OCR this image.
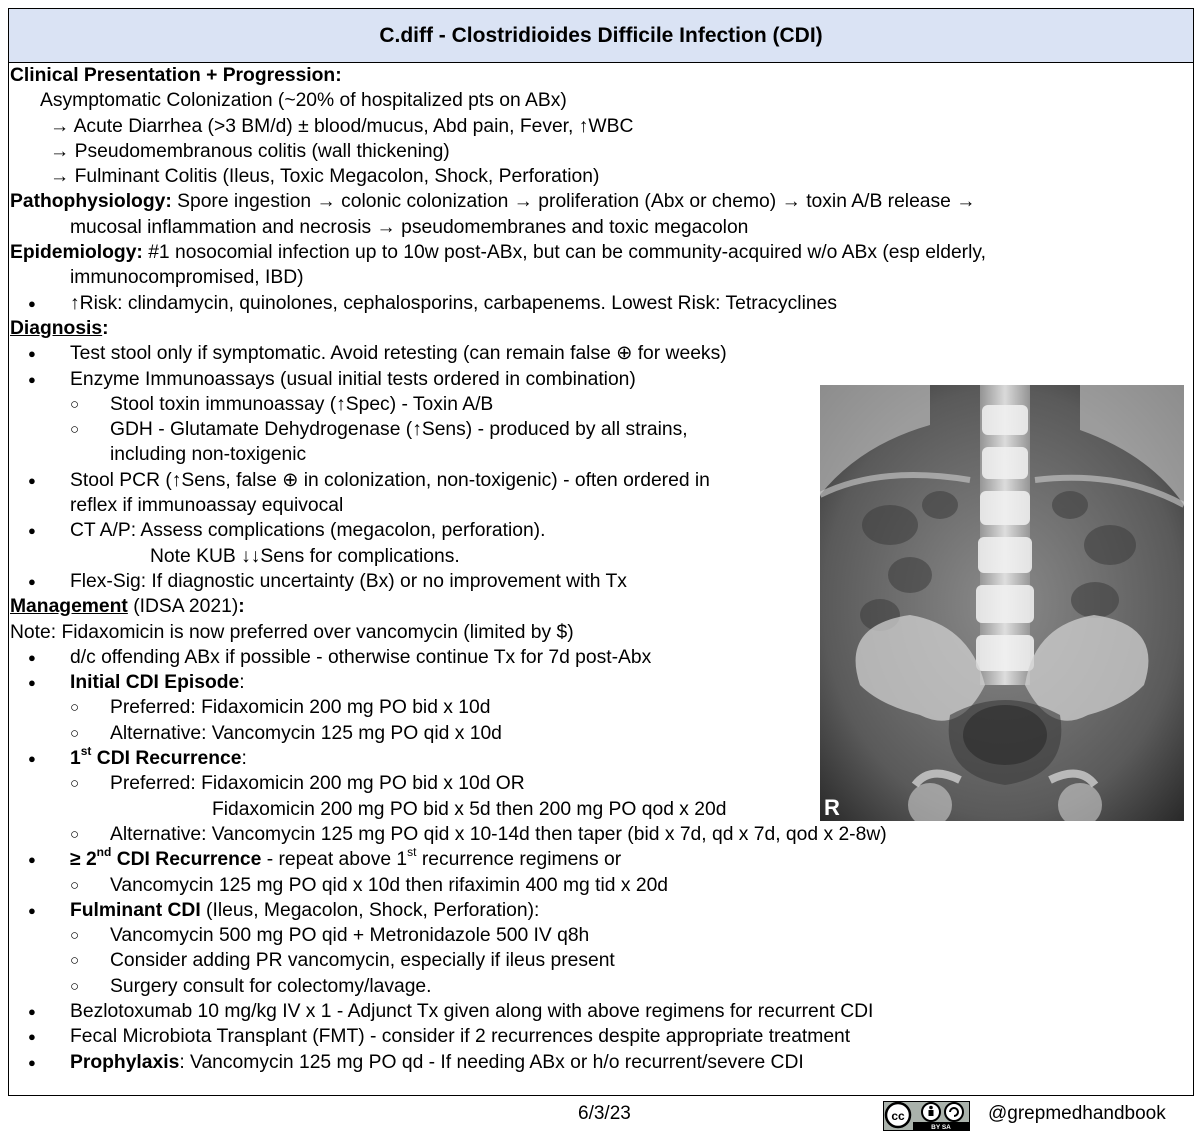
C.diff - Clostridioides Difficile Infection (CDI)
Clinical Presentation + Progression:
Asymptomatic Colonization (~20% of hospitalized pts on ABx)
→ Acute Diarrhea (>3 BM/d) ± blood/mucus, Abd pain, Fever, ↑WBC
→ Pseudomembranous colitis (wall thickening)
→ Fulminant Colitis (Ileus, Toxic Megacolon, Shock, Perforation)
Pathophysiology: Spore ingestion → colonic colonization → proliferation (Abx or chemo) → toxin A/B release →
mucosal inflammation and necrosis → pseudomembranes and toxic megacolon
Epidemiology: #1 nosocomial infection up to 10w post-ABx, but can be community-acquired w/o ABx (esp elderly,
immunocompromised, IBD)
● ↑Risk: clindamycin, quinolones, cephalosporins, carbapenems. Lowest Risk: Tetracyclines
Diagnosis:
● Test stool only if symptomatic. Avoid retesting (can remain false ⊕ for weeks)
● Enzyme Immunoassays (usual initial tests ordered in combination)
○ Stool toxin immunoassay (↑Spec) - Toxin A/B
○ GDH - Glutamate Dehydrogenase (↑Sens) - produced by all strains,
including non-toxigenic
● Stool PCR (↑Sens, false ⊕ in colonization, non-toxigenic) - often ordered in
reflex if immunoassay equivocal
● CT A/P: Assess complications (megacolon, perforation).
Note KUB ↓↓Sens for complications.
● Flex-Sig: If diagnostic uncertainty (Bx) or no improvement with Tx
Management (IDSA 2021):
Note: Fidaxomicin is now preferred over vancomycin (limited by $)
● d/c offending ABx if possible - otherwise continue Tx for 7d post-Abx
● Initial CDI Episode:
○ Preferred: Fidaxomicin 200 mg PO bid x 10d
○ Alternative: Vancomycin 125 mg PO qid x 10d
● 1st CDI Recurrence:
○ Preferred: Fidaxomicin 200 mg PO bid x 10d OR
Fidaxomicin 200 mg PO bid x 5d then 200 mg PO qod x 20d
○ Alternative: Vancomycin 125 mg PO qid x 10-14d then taper (bid x 7d, qd x 7d, qod x 2-8w)
● ≥ 2nd CDI Recurrence - repeat above 1st recurrence regimens or
○ Vancomycin 125 mg PO qid x 10d then rifaximin 400 mg tid x 20d
● Fulminant CDI (Ileus, Megacolon, Shock, Perforation):
○ Vancomycin 500 mg PO qid + Metronidazole 500 IV q8h
○ Consider adding PR vancomycin, especially if ileus present
○ Surgery consult for colectomy/lavage.
● Bezlotoxumab 10 mg/kg IV x 1 - Adjunct Tx given along with above regimens for recurrent CDI
● Fecal Microbiota Transplant (FMT) - consider if 2 recurrences despite appropriate treatment
● Prophylaxis: Vancomycin 125 mg PO qd - If needing ABx or h/o recurrent/severe CDI
R
6/3/23	cc
BY SA
@grepmedhandbook
